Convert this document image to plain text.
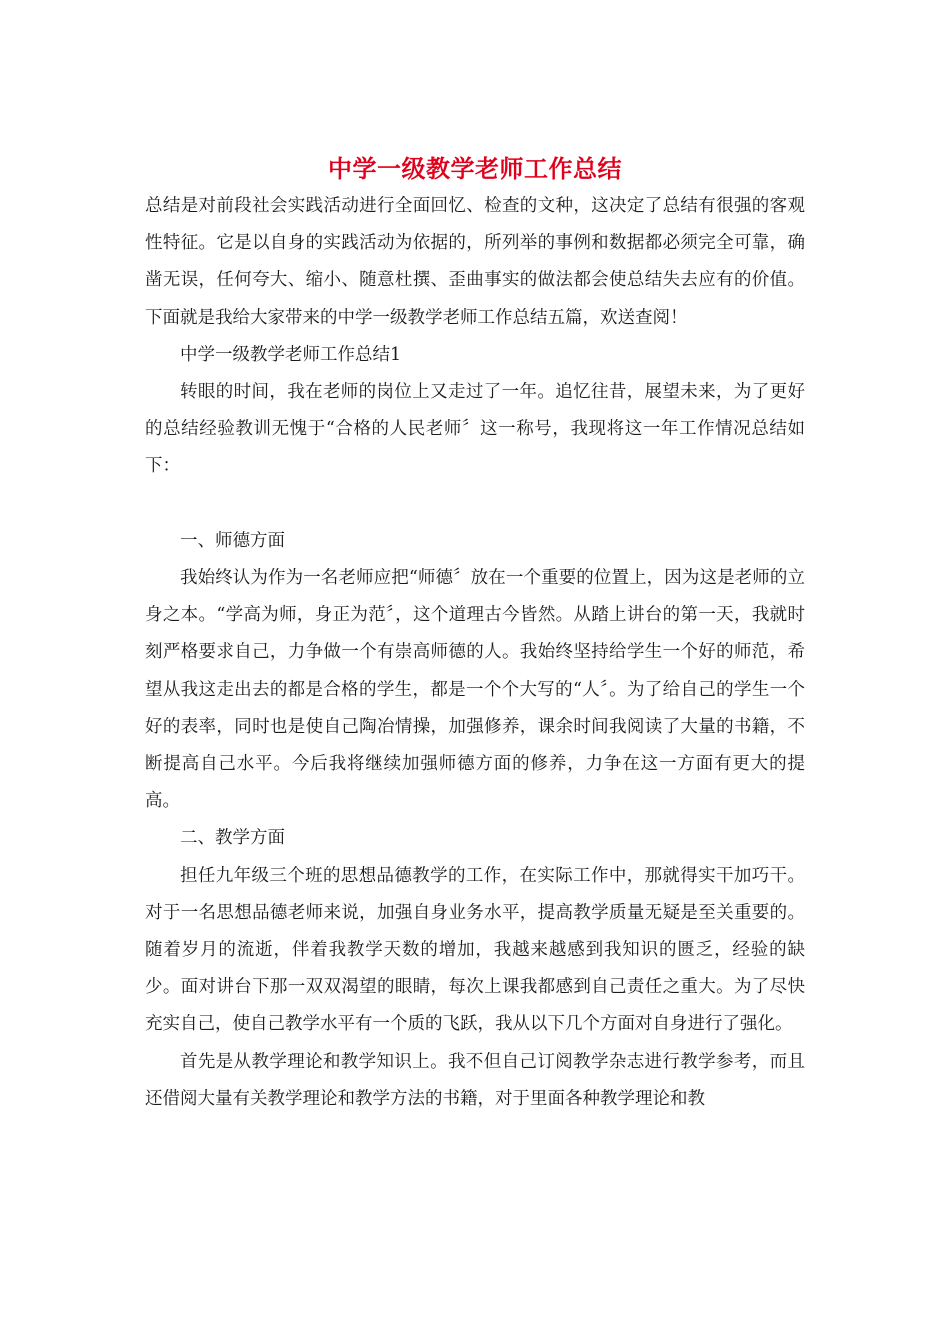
中学一级教学老师工作总结

总结是对前段社会实践活动进行全面回忆、检查的文种，这决定了总结有很强的客观性特征。它是以自身的实践活动为依据的，所列举的事例和数据都必须完全可靠，确凿无误，任何夸大、缩小、随意杜撰、歪曲事实的做法都会使总结失去应有的价值。下面就是我给大家带来的中学一级教学老师工作总结五篇，欢送查阅！

中学一级教学老师工作总结1

转眼的时间，我在老师的岗位上又走过了一年。追忆往昔，展望未来，为了更好的总结经验教训无愧于“合格的人民老师〞这一称号，我现将这一年工作情况总结如下：

一、师德方面

我始终认为作为一名老师应把“师德〞放在一个重要的位置上，因为这是老师的立身之本。“学高为师，身正为范〞，这个道理古今皆然。从踏上讲台的第一天，我就时刻严格要求自己，力争做一个有崇高师德的人。我始终坚持给学生一个好的师范，希望从我这走出去的都是合格的学生，都是一个个大写的“人〞。为了给自己的学生一个好的表率，同时也是使自己陶冶情操，加强修养，课余时间我阅读了大量的书籍，不断提高自己水平。今后我将继续加强师德方面的修养，力争在这一方面有更大的提高。

二、教学方面

担任九年级三个班的思想品德教学的工作，在实际工作中，那就得实干加巧干。对于一名思想品德老师来说，加强自身业务水平，提高教学质量无疑是至关重要的。随着岁月的流逝，伴着我教学天数的增加，我越来越感到我知识的匮乏，经验的缺少。面对讲台下那一双双渴望的眼睛，每次上课我都感到自己责任之重大。为了尽快充实自己，使自己教学水平有一个质的飞跃，我从以下几个方面对自身进行了强化。

首先是从教学理论和教学知识上。我不但自己订阅教学杂志进行教学参考，而且还借阅大量有关教学理论和教学方法的书籍，对于里面各种教学理论和教
